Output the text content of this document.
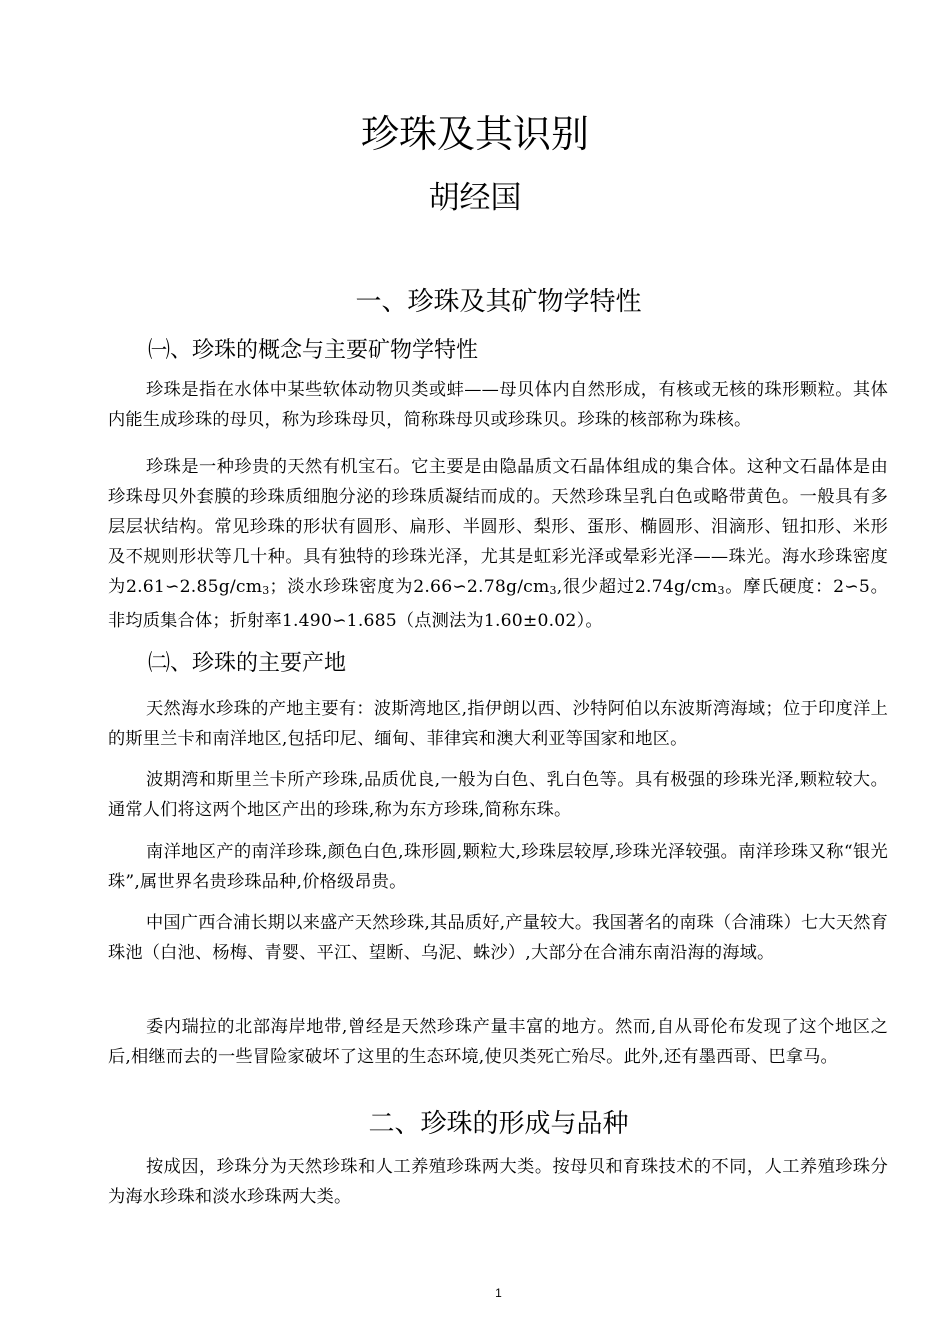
珍珠及其识别
胡经国
一、珍珠及其矿物学特性
㈠、珍珠的概念与主要矿物学特性

珍珠是指在水体中某些软体动物贝类或蚌——母贝体内自然形成，有核或无核的珠形颗粒。其体内能生成珍珠的母贝，称为珍珠母贝，简称珠母贝或珍珠贝。珍珠的核部称为珠核。

珍珠是一种珍贵的天然有机宝石。它主要是由隐晶质文石晶体组成的集合体。这种文石晶体是由珍珠母贝外套膜的珍珠质细胞分泌的珍珠质凝结而成的。天然珍珠呈乳白色或略带黄色。一般具有多层层状结构。常见珍珠的形状有圆形、扁形、半圆形、梨形、蛋形、椭圆形、泪滴形、钮扣形、米形及不规则形状等几十种。具有独特的珍珠光泽，尤其是虹彩光泽或晕彩光泽——珠光。海水珍珠密度为$2.61∽2.85g/cm_3$；淡水珍珠密度为$2.66∽2.78g/cm_3$,很少超过$2.74g/cm_3$。摩氏硬度：2∽5。非均质集合体；折射率1.490∽1.685（点测法为1.60±0.02）。

㈡、珍珠的主要产地

天然海水珍珠的产地主要有：波斯湾地区,指伊朗以西、沙特阿伯以东波斯湾海域；位于印度洋上的斯里兰卡和南洋地区,包括印尼、缅甸、菲律宾和澳大利亚等国家和地区。

波期湾和斯里兰卡所产珍珠,品质优良,一般为白色、乳白色等。具有极强的珍珠光泽,颗粒较大。通常人们将这两个地区产出的珍珠,称为东方珍珠,简称东珠。

南洋地区产的南洋珍珠,颜色白色,珠形圆,颗粒大,珍珠层较厚,珍珠光泽较强。南洋珍珠又称“银光珠”,属世界名贵珍珠品种,价格级昂贵。

中国广西合浦长期以来盛产天然珍珠,其品质好,产量较大。我国著名的南珠（合浦珠）七大天然育珠池（白池、杨梅、青婴、平江、望断、乌泥、蛛沙）,大部分在合浦东南沿海的海域。

委内瑞拉的北部海岸地带,曾经是天然珍珠产量丰富的地方。然而,自从哥伦布发现了这个地区之后,相继而去的一些冒险家破坏了这里的生态环境,使贝类死亡殆尽。此外,还有墨西哥、巴拿马。

二、珍珠的形成与品种

按成因，珍珠分为天然珍珠和人工养殖珍珠两大类。按母贝和育珠技术的不同，人工养殖珍珠分为海水珍珠和淡水珍珠两大类。

1
